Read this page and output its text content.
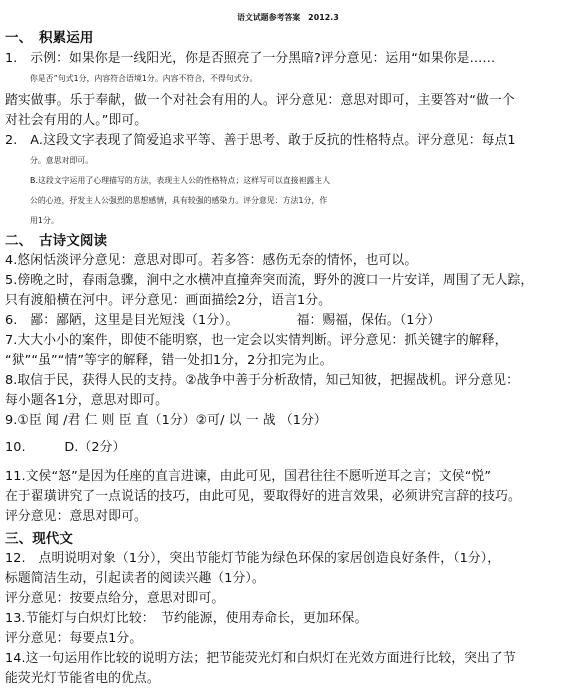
语文试题参考答案　2012.3
一、　积累运用
1.　示例：如果你是一线阳光，你是否照亮了一分黑暗?评分意见：运用“如果你是……
你是否”句式1分，内容符合语境1分。内容不符合，不得句式分。
踏实做事。乐于奉献，做一个对社会有用的人。评分意见：意思对即可，主要答对“做一个
对社会有用的人。”即可。
2.　A.这段文字表现了简爱追求平等、善于思考、敢于反抗的性格特点。评分意见：每点1
分。意思对即可。
B.这段文字运用了心理描写的方法，表现主人公的性格特点；这样写可以直接袒露主人
公的心迹，抒发主人公强烈的思想感情，具有较强的感染力。评分意见：方法1分，作
用1分。
二、　古诗文阅读
4.悠闲恬淡评分意见：意思对即可。若多答：感伤无奈的情怀，也可以。
5.傍晚之时，春雨急骤，涧中之水横冲直撞奔突而流，野外的渡口一片安详，周围了无人踪，
只有渡船横在河中。评分意见：画面描绘2分，语言1分。
6.　鄙：鄙陋，这里是目光短浅（1分）。　　　　　福：赐福，保佑。（1分）
7.大大小小的案件，即使不能明察，也一定会以实情判断。评分意见：抓关键字的解释，
“狱”“虽”“情”等字的解释，错一处扣1分，2分扣完为止。
8.取信于民，获得人民的支持。②战争中善于分析敌情，知己知彼，把握战机。评分意见：
每小题各1分，意思对即可。
9.①臣 闻 /君 仁 则 臣 直（1分）②可/ 以 一 战 （1分）
10.　　　D.（2分）
11.文侯“怒”是因为任座的直言进谏，由此可见，国君往往不愿听逆耳之言；文侯“悦”
在于翟璜讲究了一点说话的技巧，由此可见，要取得好的进言效果，必须讲究言辞的技巧。
评分意见：意思对即可。
三、现代文
12.　点明说明对象（1分），突出节能灯节能为绿色环保的家居创造良好条件，（1分），
标题简洁生动，引起读者的阅读兴趣（1分）。
评分意见：按要点给分，意思对即可。
13.节能灯与白炽灯比较：　节约能源，使用寿命长，更加环保。
评分意见：每要点1分。
14.这一句运用作比较的说明方法；把节能荧光灯和白炽灯在光效方面进行比较，突出了节
能荧光灯节能省电的优点。
